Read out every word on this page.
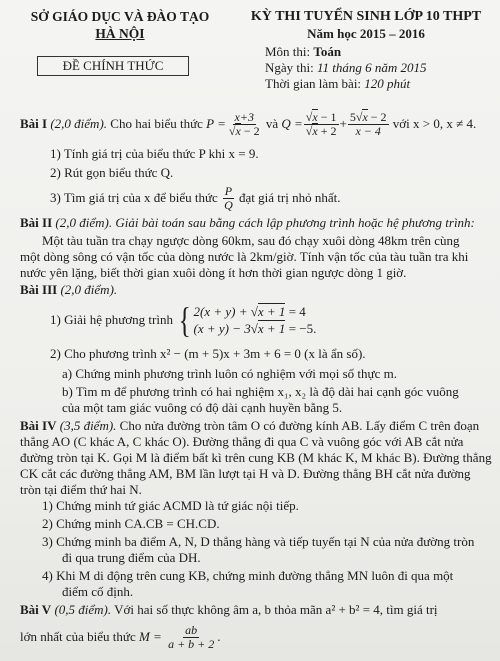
SỞ GIÁO DỤC VÀ ĐÀO TẠO
HÀ NỘI
ĐỀ CHÍNH THỨC
KỲ THI TUYỂN SINH LỚP 10 THPT
Năm học 2015 – 2016
Môn thi: Toán
Ngày thi: 11 tháng 6 năm 2015
Thời gian làm bài: 120 phút
Bài I
(2,0 điểm).
Cho hai biểu thức
$P = \frac{x+3}{√x - 2}$
và
$Q = \frac{√x - 1}{√x + 2} + \frac{5√x - 2}{x - 4}$
với x > 0, x ≠ 4.
1) Tính giá trị của biểu thức P khi x = 9.
2) Rút gọn biểu thức Q.
3) Tìm giá trị của x để biểu thức
$\frac{P}{Q}$
đạt giá trị nhỏ nhất.
Bài II (2,0 điểm). Giải bài toán sau bằng cách lập phương trình hoặc hệ phương trình:
Một tàu tuần tra chạy ngược dòng 60km, sau đó chạy xuôi dòng 48km trên cùng
một dòng sông có vận tốc của dòng nước là 2km/giờ. Tính vận tốc của tàu tuần tra khi
nước yên lặng, biết thời gian xuôi dòng ít hơn thời gian ngược dòng 1 giờ.
Bài III (2,0 điểm).
1) Giải hệ phương trình
{ 2(x + y) + √x + 1 = 4
(x + y) − 3√x + 1 = −5.
2) Cho phương trình x² − (m + 5)x + 3m + 6 = 0 (x là ẩn số).
a) Chứng minh phương trình luôn có nghiệm với mọi số thực m.
b) Tìm m để phương trình có hai nghiệm x₁, x₂ là độ dài hai cạnh góc vuông
của một tam giác vuông có độ dài cạnh huyền bằng 5.
Bài IV (3,5 điểm). Cho nửa đường tròn tâm O có đường kính AB. Lấy điểm C trên đoạn
thẳng AO (C khác A, C khác O). Đường thẳng đi qua C và vuông góc với AB cắt nửa
đường tròn tại K. Gọi M là điểm bất kì trên cung KB (M khác K, M khác B). Đường thẳng
CK cắt các đường thẳng AM, BM lần lượt tại H và D. Đường thẳng BH cắt nửa đường
tròn tại điểm thứ hai N.
1) Chứng minh tứ giác ACMD là tứ giác nội tiếp.
2) Chứng minh CA.CB = CH.CD.
3) Chứng minh ba điểm A, N, D thẳng hàng và tiếp tuyến tại N của nửa đường tròn
đi qua trung điểm của DH.
4) Khi M di động trên cung KB, chứng minh đường thẳng MN luôn đi qua một
điểm cố định.
Bài V (0,5 điểm). Với hai số thực không âm a, b thỏa mãn a² + b² = 4, tìm giá trị
lớn nhất của biểu thức
M =
$\frac{ab}{a + b + 2}$ .
